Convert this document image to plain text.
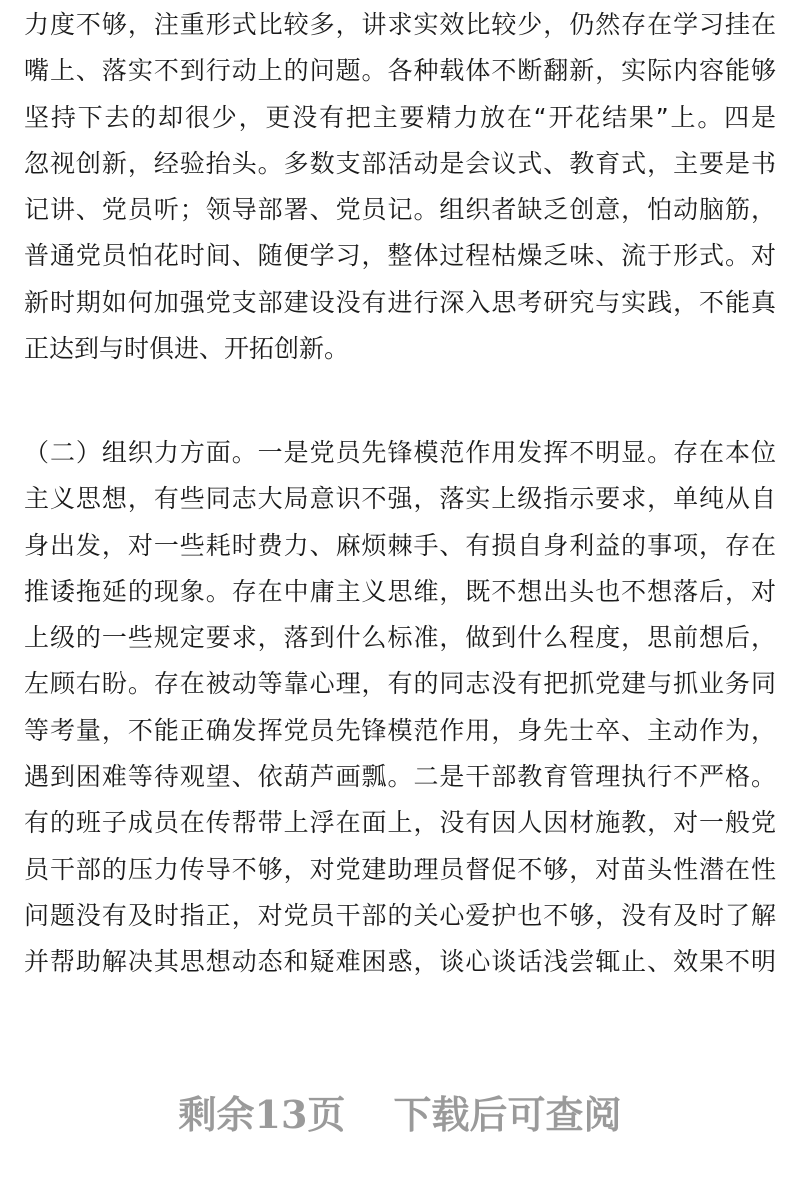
力度不够，注重形式比较多，讲求实效比较少，仍然存在学习挂在
嘴上、落实不到行动上的问题。各种载体不断翻新，实际内容能够
坚持下去的却很少，更没有把主要精力放在“开花结果”上。四是
忽视创新，经验抬头。多数支部活动是会议式、教育式，主要是书
记讲、党员听；领导部署、党员记。组织者缺乏创意，怕动脑筋，
普通党员怕花时间、随便学习，整体过程枯燥乏味、流于形式。对
新时期如何加强党支部建设没有进行深入思考研究与实践，不能真
正达到与时俱进、开拓创新。
（二）组织力方面。一是党员先锋模范作用发挥不明显。存在本位
主义思想，有些同志大局意识不强，落实上级指示要求，单纯从自
身出发，对一些耗时费力、麻烦棘手、有损自身利益的事项，存在
推诿拖延的现象。存在中庸主义思维，既不想出头也不想落后，对
上级的一些规定要求，落到什么标准，做到什么程度，思前想后，
左顾右盼。存在被动等靠心理，有的同志没有把抓党建与抓业务同
等考量，不能正确发挥党员先锋模范作用，身先士卒、主动作为，
遇到困难等待观望、依葫芦画瓢。二是干部教育管理执行不严格。
有的班子成员在传帮带上浮在面上，没有因人因材施教，对一般党
员干部的压力传导不够，对党建助理员督促不够，对苗头性潜在性
问题没有及时指正，对党员干部的关心爱护也不够，没有及时了解
并帮助解决其思想动态和疑难困惑，谈心谈话浅尝辄止、效果不明
剩余13页 下载后可查阅
